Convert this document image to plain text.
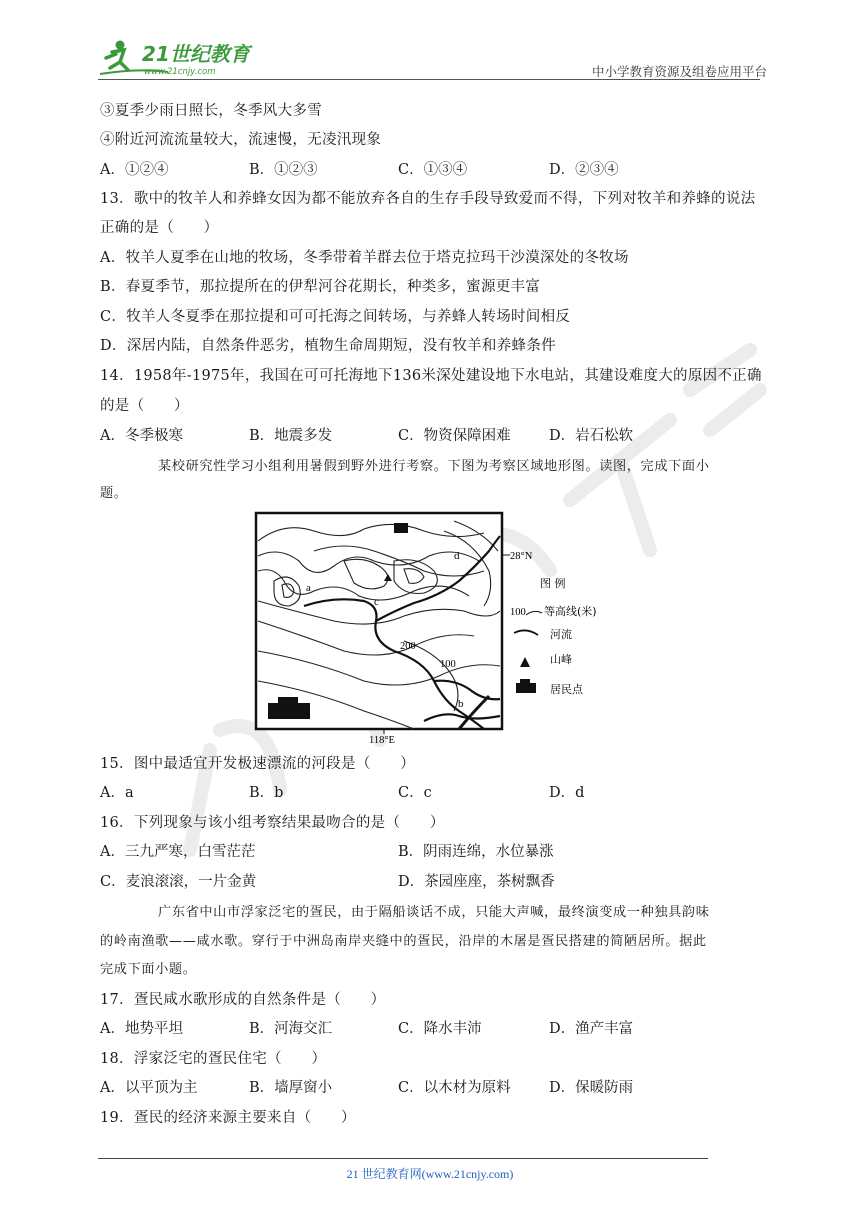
21世纪教育
www.21cnjy.com	中小学教育资源及组卷应用平台
③夏季少雨日照长，冬季风大多雪
④附近河流流量较大，流速慢，无凌汛现象
A．①②④	B．①②③	C．①③④	D．②③④
13．歌中的牧羊人和养蜂女因为都不能放弃各自的生存手段导致爱而不得，下列对牧羊和养蜂的说法
正确的是（　　）
A．牧羊人夏季在山地的牧场，冬季带着羊群去位于塔克拉玛干沙漠深处的冬牧场
B．春夏季节，那拉提所在的伊犁河谷花期长，种类多，蜜源更丰富
C．牧羊人冬夏季在那拉提和可可托海之间转场，与养蜂人转场时间相反
D．深居内陆，自然条件恶劣，植物生命周期短，没有牧羊和养蜂条件
14．1958年-1975年，我国在可可托海地下136米深处建设地下水电站，其建设难度大的原因不正确
的是（　　）
A．冬季极寒	B．地震多发	C．物资保障困难	D．岩石松软
某校研究性学习小组利用暑假到野外进行考察。下图为考察区域地形图。读图，完成下面小
题。
a
b
c
d
200
100
28°N
118°E
图 例
100 等高线(米)
河流
山峰
居民点
15．图中最适宜开发极速漂流的河段是（　　）
A．a	B．b	C．c	D．d
16．下列现象与该小组考察结果最吻合的是（　　）
A．三九严寒，白雪茫茫	B．阴雨连绵，水位暴涨
C．麦浪滚滚，一片金黄	D．茶园座座，茶树飘香
广东省中山市浮家泛宅的疍民，由于隔船谈话不成，只能大声喊，最终演变成一种独具韵味
的岭南渔歌——咸水歌。穿行于中洲岛南岸夹缝中的疍民，沿岸的木屠是疍民搭建的简陋居所。据此
完成下面小题。
17．疍民咸水歌形成的自然条件是（　　）
A．地势平坦	B．河海交汇	C．降水丰沛	D．渔产丰富
18．浮家泛宅的疍民住宅（　　）
A．以平顶为主	B．墙厚窗小	C．以木材为原料	D．保暖防雨
19．疍民的经济来源主要来自（　　）
21 世纪教育网(www.21cnjy.com)
